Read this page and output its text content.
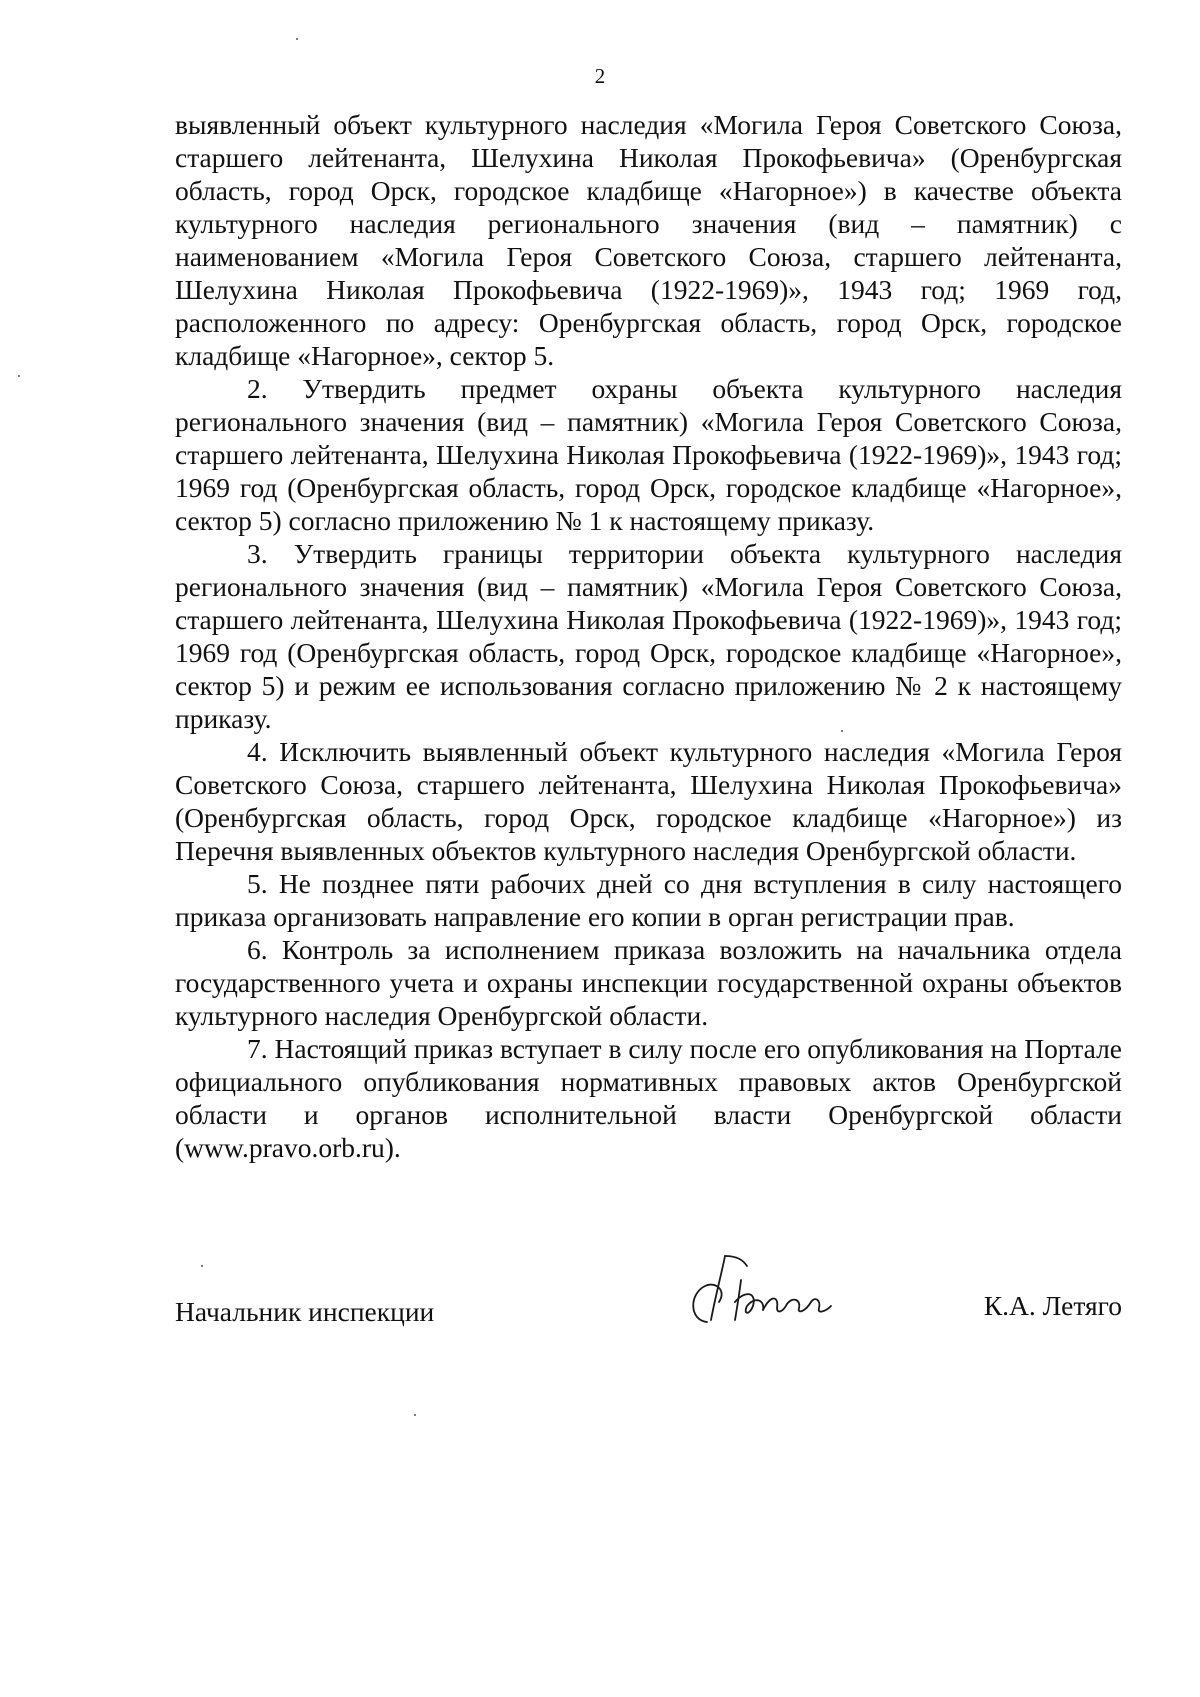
2

выявленный объект культурного наследия «Могила Героя Советского Союза, старшего лейтенанта, Шелухина Николая Прокофьевича» (Оренбургская область, город Орск, городское кладбище «Нагорное») в качестве объекта культурного наследия регионального значения (вид – памятник) с наименованием «Могила Героя Советского Союза, старшего лейтенанта, Шелухина Николая Прокофьевича (1922-1969)», 1943 год; 1969 год, расположенного по адресу: Оренбургская область, город Орск, городское кладбище «Нагорное», сектор 5.

2. Утвердить предмет охраны объекта культурного наследия регионального значения (вид – памятник) «Могила Героя Советского Союза, старшего лейтенанта, Шелухина Николая Прокофьевича (1922-1969)», 1943 год; 1969 год (Оренбургская область, город Орск, городское кладбище «Нагорное», сектор 5) согласно приложению № 1 к настоящему приказу.

3. Утвердить границы территории объекта культурного наследия регионального значения (вид – памятник) «Могила Героя Советского Союза, старшего лейтенанта, Шелухина Николая Прокофьевича (1922-1969)», 1943 год; 1969 год (Оренбургская область, город Орск, городское кладбище «Нагорное», сектор 5) и режим ее использования согласно приложению № 2 к настоящему приказу.

4. Исключить выявленный объект культурного наследия «Могила Героя Советского Союза, старшего лейтенанта, Шелухина Николая Прокофьевича» (Оренбургская область, город Орск, городское кладбище «Нагорное») из Перечня выявленных объектов культурного наследия Оренбургской области.

5. Не позднее пяти рабочих дней со дня вступления в силу настоящего приказа организовать направление его копии в орган регистрации прав.

6. Контроль за исполнением приказа возложить на начальника отдела государственного учета и охраны инспекции государственной охраны объектов культурного наследия Оренбургской области.

7. Настоящий приказ вступает в силу после его опубликования на Портале официального опубликования нормативных правовых актов Оренбургской области и органов исполнительной власти Оренбургской области (www.pravo.orb.ru).

Начальник инспекции	К.А. Летяго
